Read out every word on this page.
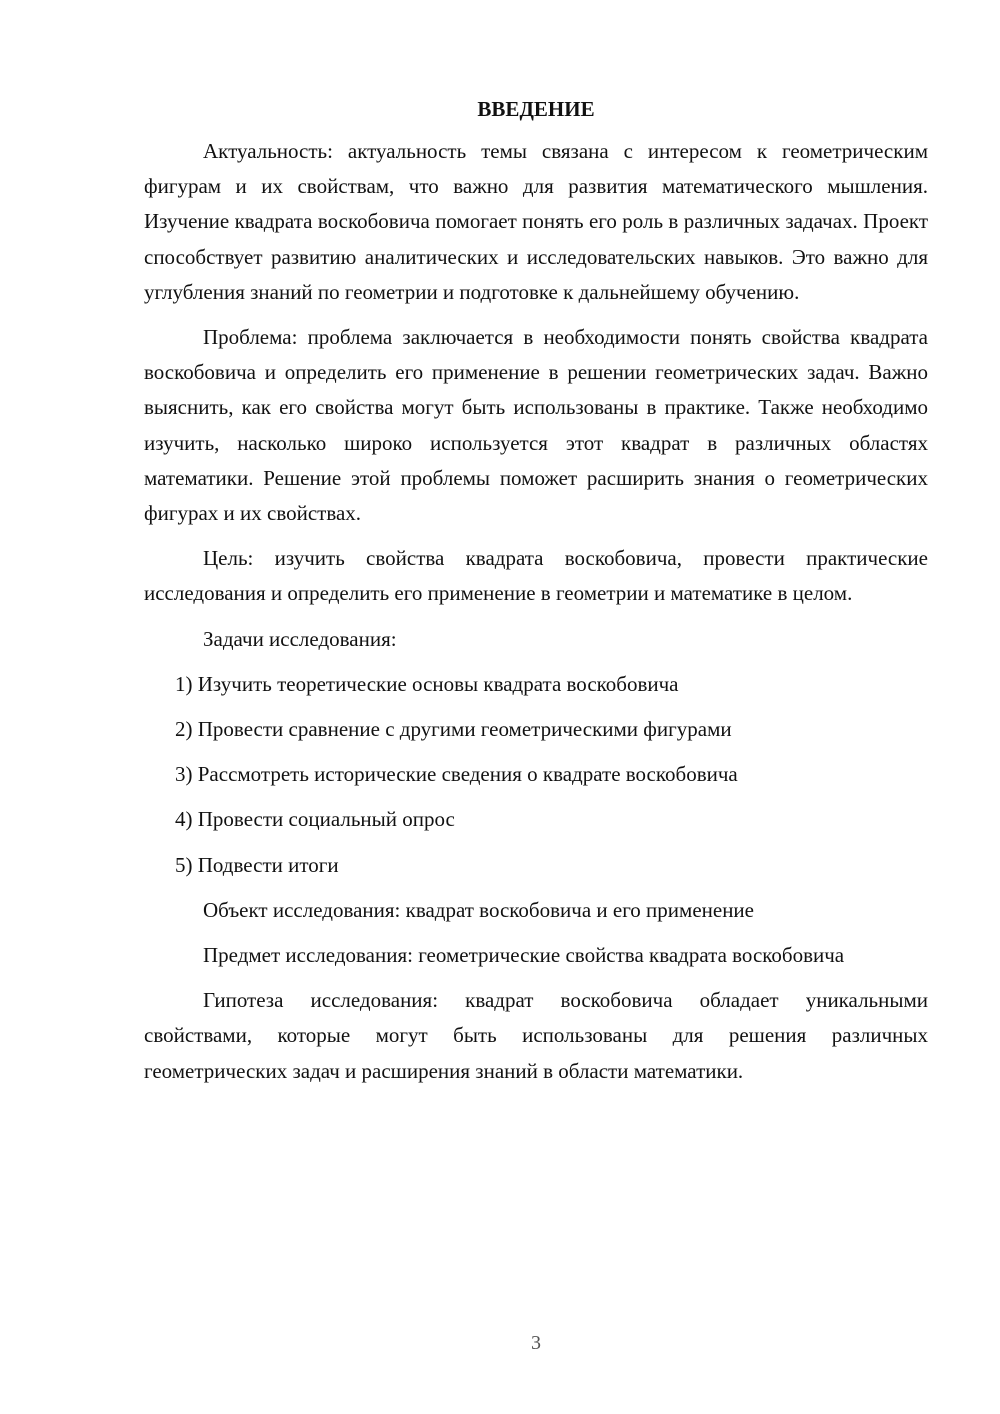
ВВЕДЕНИЕ

Актуальность: актуальность темы связана с интересом к геометрическим фигурам и их свойствам, что важно для развития математического мышления. Изучение квадрата воскобовича помогает понять его роль в различных задачах. Проект способствует развитию аналитических и исследовательских навыков. Это важно для углубления знаний по геометрии и подготовке к дальнейшему обучению.

Проблема: проблема заключается в необходимости понять свойства квадрата воскобовича и определить его применение в решении геометрических задач. Важно выяснить, как его свойства могут быть использованы в практике. Также необходимо изучить, насколько широко используется этот квадрат в различных областях математики. Решение этой проблемы поможет расширить знания о геометрических фигурах и их свойствах.

Цель: изучить свойства квадрата воскобовича, провести практические исследования и определить его применение в геометрии и математике в целом.

Задачи исследования:

1) Изучить теоретические основы квадрата воскобовича
2) Провести сравнение с другими геометрическими фигурами
3) Рассмотреть исторические сведения о квадрате воскобовича
4) Провести социальный опрос
5) Подвести итоги

Объект исследования: квадрат воскобовича и его применение

Предмет исследования: геометрические свойства квадрата воскобовича

Гипотеза исследования: квадрат воскобовича обладает уникальными свойствами, которые могут быть использованы для решения различных геометрических задач и расширения знаний в области математики.

3
